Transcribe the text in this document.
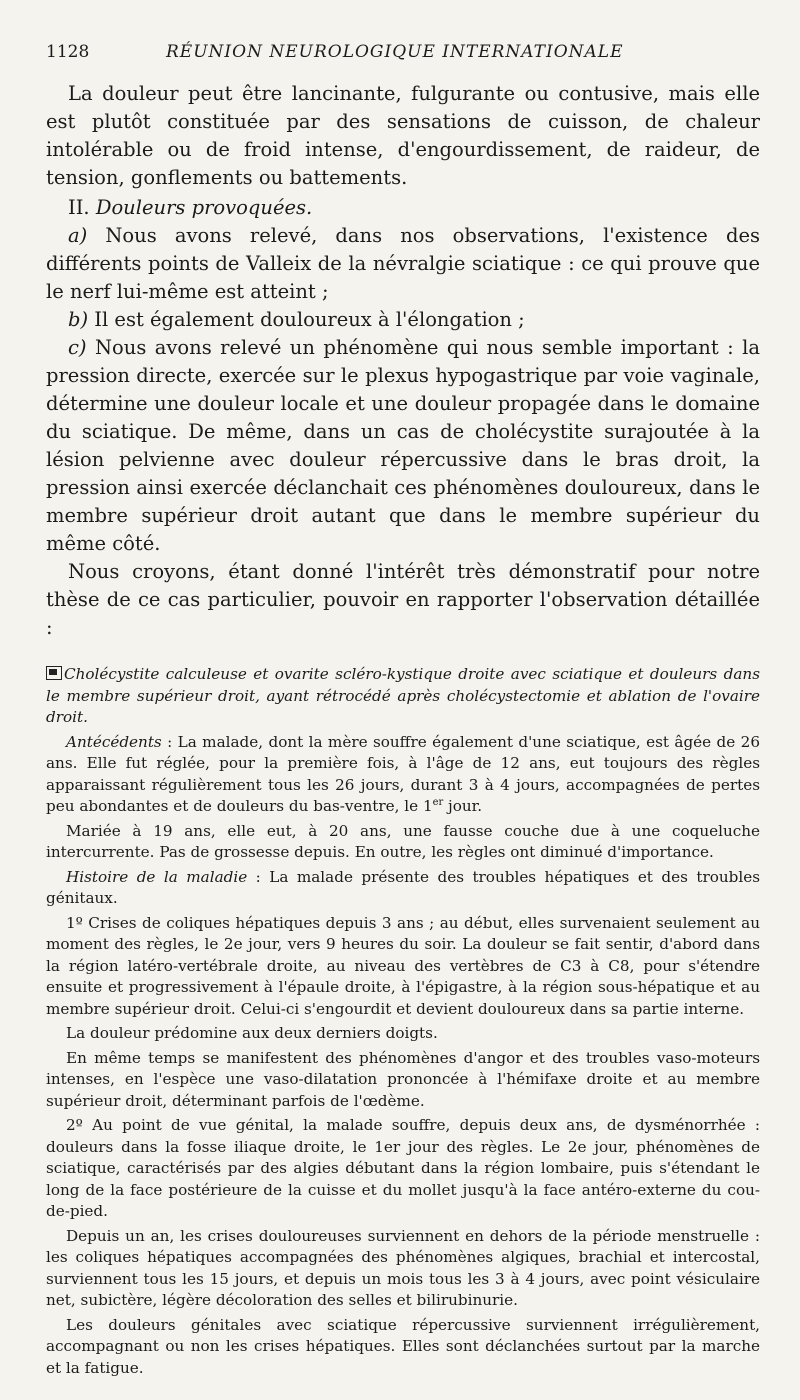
1128	RÉUNION NEUROLOGIQUE INTERNATIONALE

La douleur peut être lancinante, fulgurante ou contusive, mais elle est plutôt constituée par des sensations de cuisson, de chaleur intolérable ou de froid intense, d'engourdissement, de raideur, de tension, gonflements ou battements.

II. Douleurs provoquées.

a) Nous avons relevé, dans nos observations, l'existence des différents points de Valleix de la névralgie sciatique : ce qui prouve que le nerf lui-même est atteint ;

b) Il est également douloureux à l'élongation ;

c) Nous avons relevé un phénomène qui nous semble important : la pression directe, exercée sur le plexus hypogastrique par voie vaginale, détermine une douleur locale et une douleur propagée dans le domaine du sciatique. De même, dans un cas de cholécystite surajoutée à la lésion pelvienne avec douleur répercussive dans le bras droit, la pression ainsi exercée déclanchait ces phénomènes douloureux, dans le membre supérieur droit autant que dans le membre supérieur du même côté.

Nous croyons, étant donné l'intérêt très démonstratif pour notre thèse de ce cas particulier, pouvoir en rapporter l'observation détaillée :

Cholécystite calculeuse et ovarite scléro-kystique droite avec sciatique et douleurs dans le membre supérieur droit, ayant rétrocédé après cholécystectomie et ablation de l'ovaire droit.

Antécédents : La malade, dont la mère souffre également d'une sciatique, est âgée de 26 ans. Elle fut réglée, pour la première fois, à l'âge de 12 ans, eut toujours des règles apparaissant régulièrement tous les 26 jours, durant 3 à 4 jours, accompagnées de pertes peu abondantes et de douleurs du bas-ventre, le 1er jour.

Mariée à 19 ans, elle eut, à 20 ans, une fausse couche due à une coqueluche intercurrente. Pas de grossesse depuis. En outre, les règles ont diminué d'importance.

Histoire de la maladie : La malade présente des troubles hépatiques et des troubles génitaux.

1º Crises de coliques hépatiques depuis 3 ans ; au début, elles survenaient seulement au moment des règles, le 2e jour, vers 9 heures du soir. La douleur se fait sentir, d'abord dans la région latéro-vertébrale droite, au niveau des vertèbres de C3 à C8, pour s'étendre ensuite et progressivement à l'épaule droite, à l'épigastre, à la région sous-hépatique et au membre supérieur droit. Celui-ci s'engourdit et devient douloureux dans sa partie interne.

La douleur prédomine aux deux derniers doigts.

En même temps se manifestent des phénomènes d'angor et des troubles vaso-moteurs intenses, en l'espèce une vaso-dilatation prononcée à l'hémifaxe droite et au membre supérieur droit, déterminant parfois de l'œdème.

2º Au point de vue génital, la malade souffre, depuis deux ans, de dysménorrhée : douleurs dans la fosse iliaque droite, le 1er jour des règles. Le 2e jour, phénomènes de sciatique, caractérisés par des algies débutant dans la région lombaire, puis s'étendant le long de la face postérieure de la cuisse et du mollet jusqu'à la face antéro-externe du cou-de-pied.

Depuis un an, les crises douloureuses surviennent en dehors de la période menstruelle : les coliques hépatiques accompagnées des phénomènes algiques, brachial et intercostal, surviennent tous les 15 jours, et depuis un mois tous les 3 à 4 jours, avec point vésiculaire net, subictère, légère décoloration des selles et bilirubinurie.

Les douleurs génitales avec sciatique répercussive surviennent irrégulièrement, accompagnant ou non les crises hépatiques. Elles sont déclanchées surtout par la marche et la fatigue.
